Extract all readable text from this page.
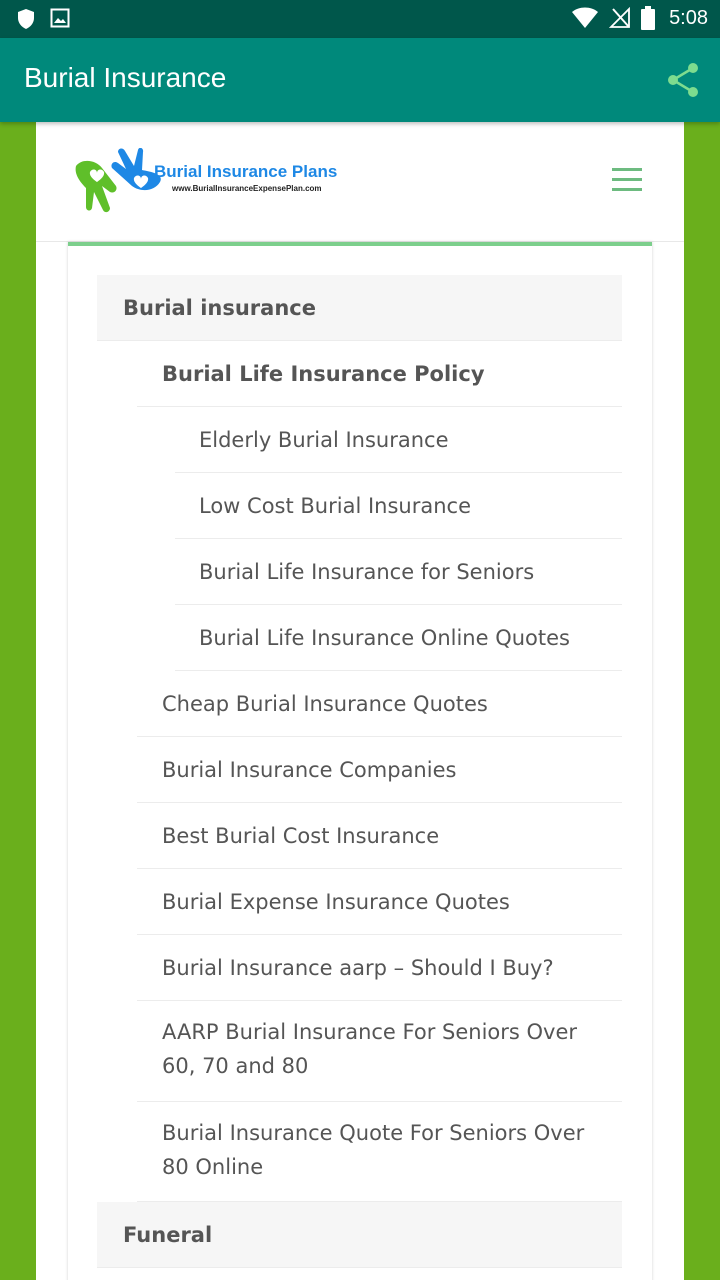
5:08
Burial Insurance
Burial Insurance Plans
www.BurialInsuranceExpensePlan.com
Burial insurance
Burial Life Insurance Policy
Elderly Burial Insurance
Low Cost Burial Insurance
Burial Life Insurance for Seniors
Burial Life Insurance Online Quotes
Cheap Burial Insurance Quotes
Burial Insurance Companies
Best Burial Cost Insurance
Burial Expense Insurance Quotes
Burial Insurance aarp – Should I Buy?
AARP Burial Insurance For Seniors Over 60, 70 and 80
Burial Insurance Quote For Seniors Over 80 Online
Funeral
